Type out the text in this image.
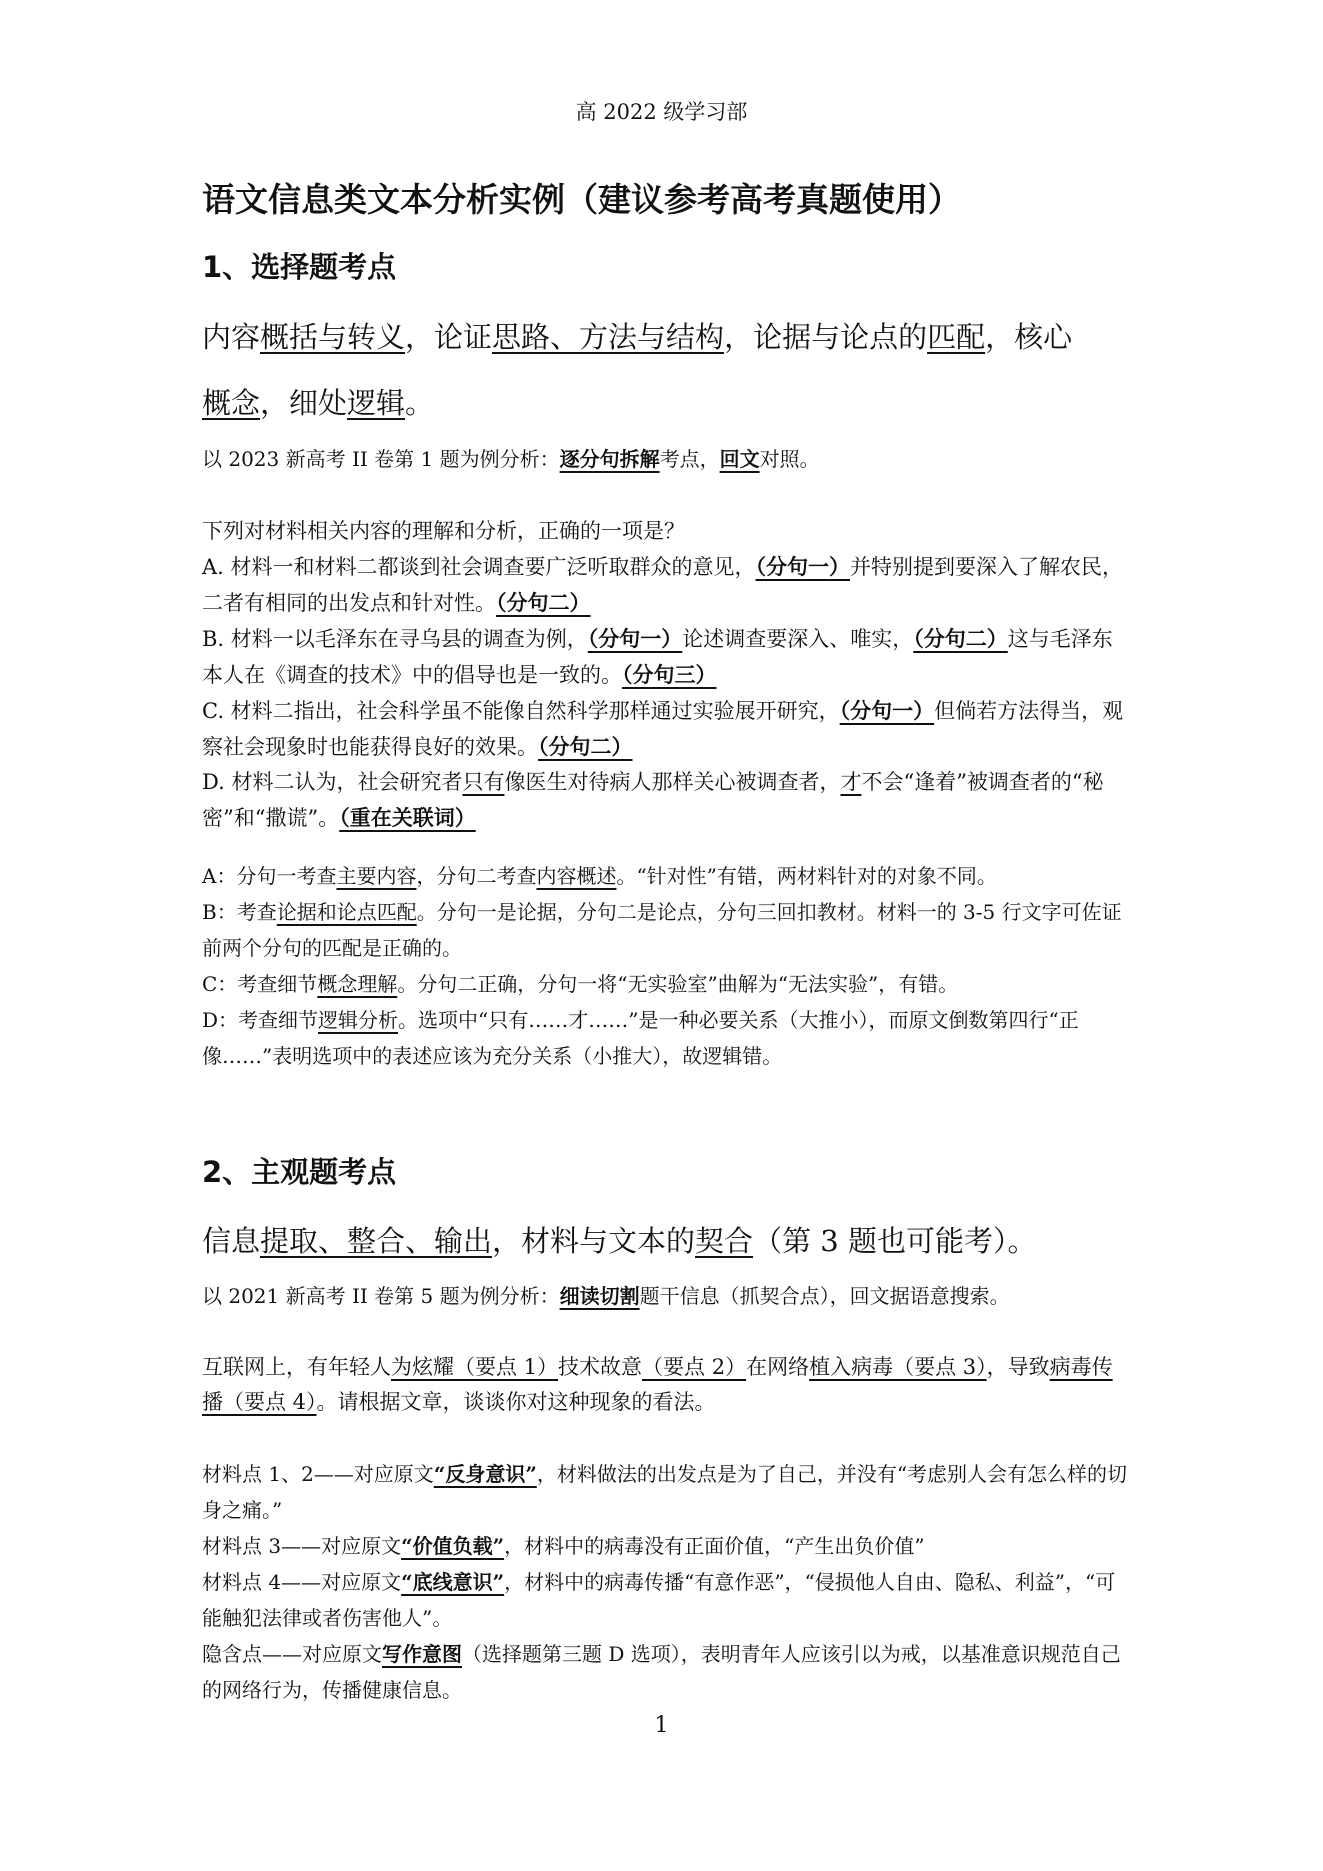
高 2022 级学习部
语文信息类文本分析实例（建议参考高考真题使用）
1、选择题考点
内容概括与转义，论证思路、方法与结构，论据与论点的匹配，核心
概念，细处逻辑。
以 2023 新高考 II 卷第 1 题为例分析：逐分句拆解考点，回文对照。

下列对材料相关内容的理解和分析，正确的一项是？

A. 材料一和材料二都谈到社会调查要广泛听取群众的意见，（分句一）并特别提到要深入了解农民，二者有相同的出发点和针对性。（分句二）

B. 材料一以毛泽东在寻乌县的调查为例，（分句一）论述调查要深入、唯实，（分句二）这与毛泽东本人在《调查的技术》中的倡导也是一致的。（分句三）

C. 材料二指出，社会科学虽不能像自然科学那样通过实验展开研究，（分句一）但倘若方法得当，观察社会现象时也能获得良好的效果。（分句二）

D. 材料二认为，社会研究者只有像医生对待病人那样关心被调查者，才不会“逢着”被调查者的“秘密”和“撒谎”。（重在关联词）

A：分句一考查主要内容，分句二考查内容概述。“针对性”有错，两材料针对的对象不同。

B：考查论据和论点匹配。分句一是论据，分句二是论点，分句三回扣教材。材料一的 3-5 行文字可佐证前两个分句的匹配是正确的。

C：考查细节概念理解。分句二正确，分句一将“无实验室”曲解为“无法实验”，有错。

D：考查细节逻辑分析。选项中“只有……才……”是一种必要关系（大推小），而原文倒数第四行“正像……”表明选项中的表述应该为充分关系（小推大），故逻辑错。

2、主观题考点
信息提取、整合、输出，材料与文本的契合（第 3 题也可能考）。
以 2021 新高考 II 卷第 5 题为例分析：细读切割题干信息（抓契合点），回文据语意搜索。
互联网上，有年轻人为炫耀（要点 1）技术故意（要点 2）在网络植入病毒（要点 3），导致病毒传播（要点 4）。请根据文章，谈谈你对这种现象的看法。

材料点 1、2——对应原文“反身意识”，材料做法的出发点是为了自己，并没有“考虑别人会有怎么样的切身之痛。”

材料点 3——对应原文“价值负载”，材料中的病毒没有正面价值，“产生出负价值”

材料点 4——对应原文“底线意识”，材料中的病毒传播“有意作恶”，“侵损他人自由、隐私、利益”，“可能触犯法律或者伤害他人”。

隐含点——对应原文写作意图（选择题第三题 D 选项），表明青年人应该引以为戒，以基准意识规范自己的网络行为，传播健康信息。

1
